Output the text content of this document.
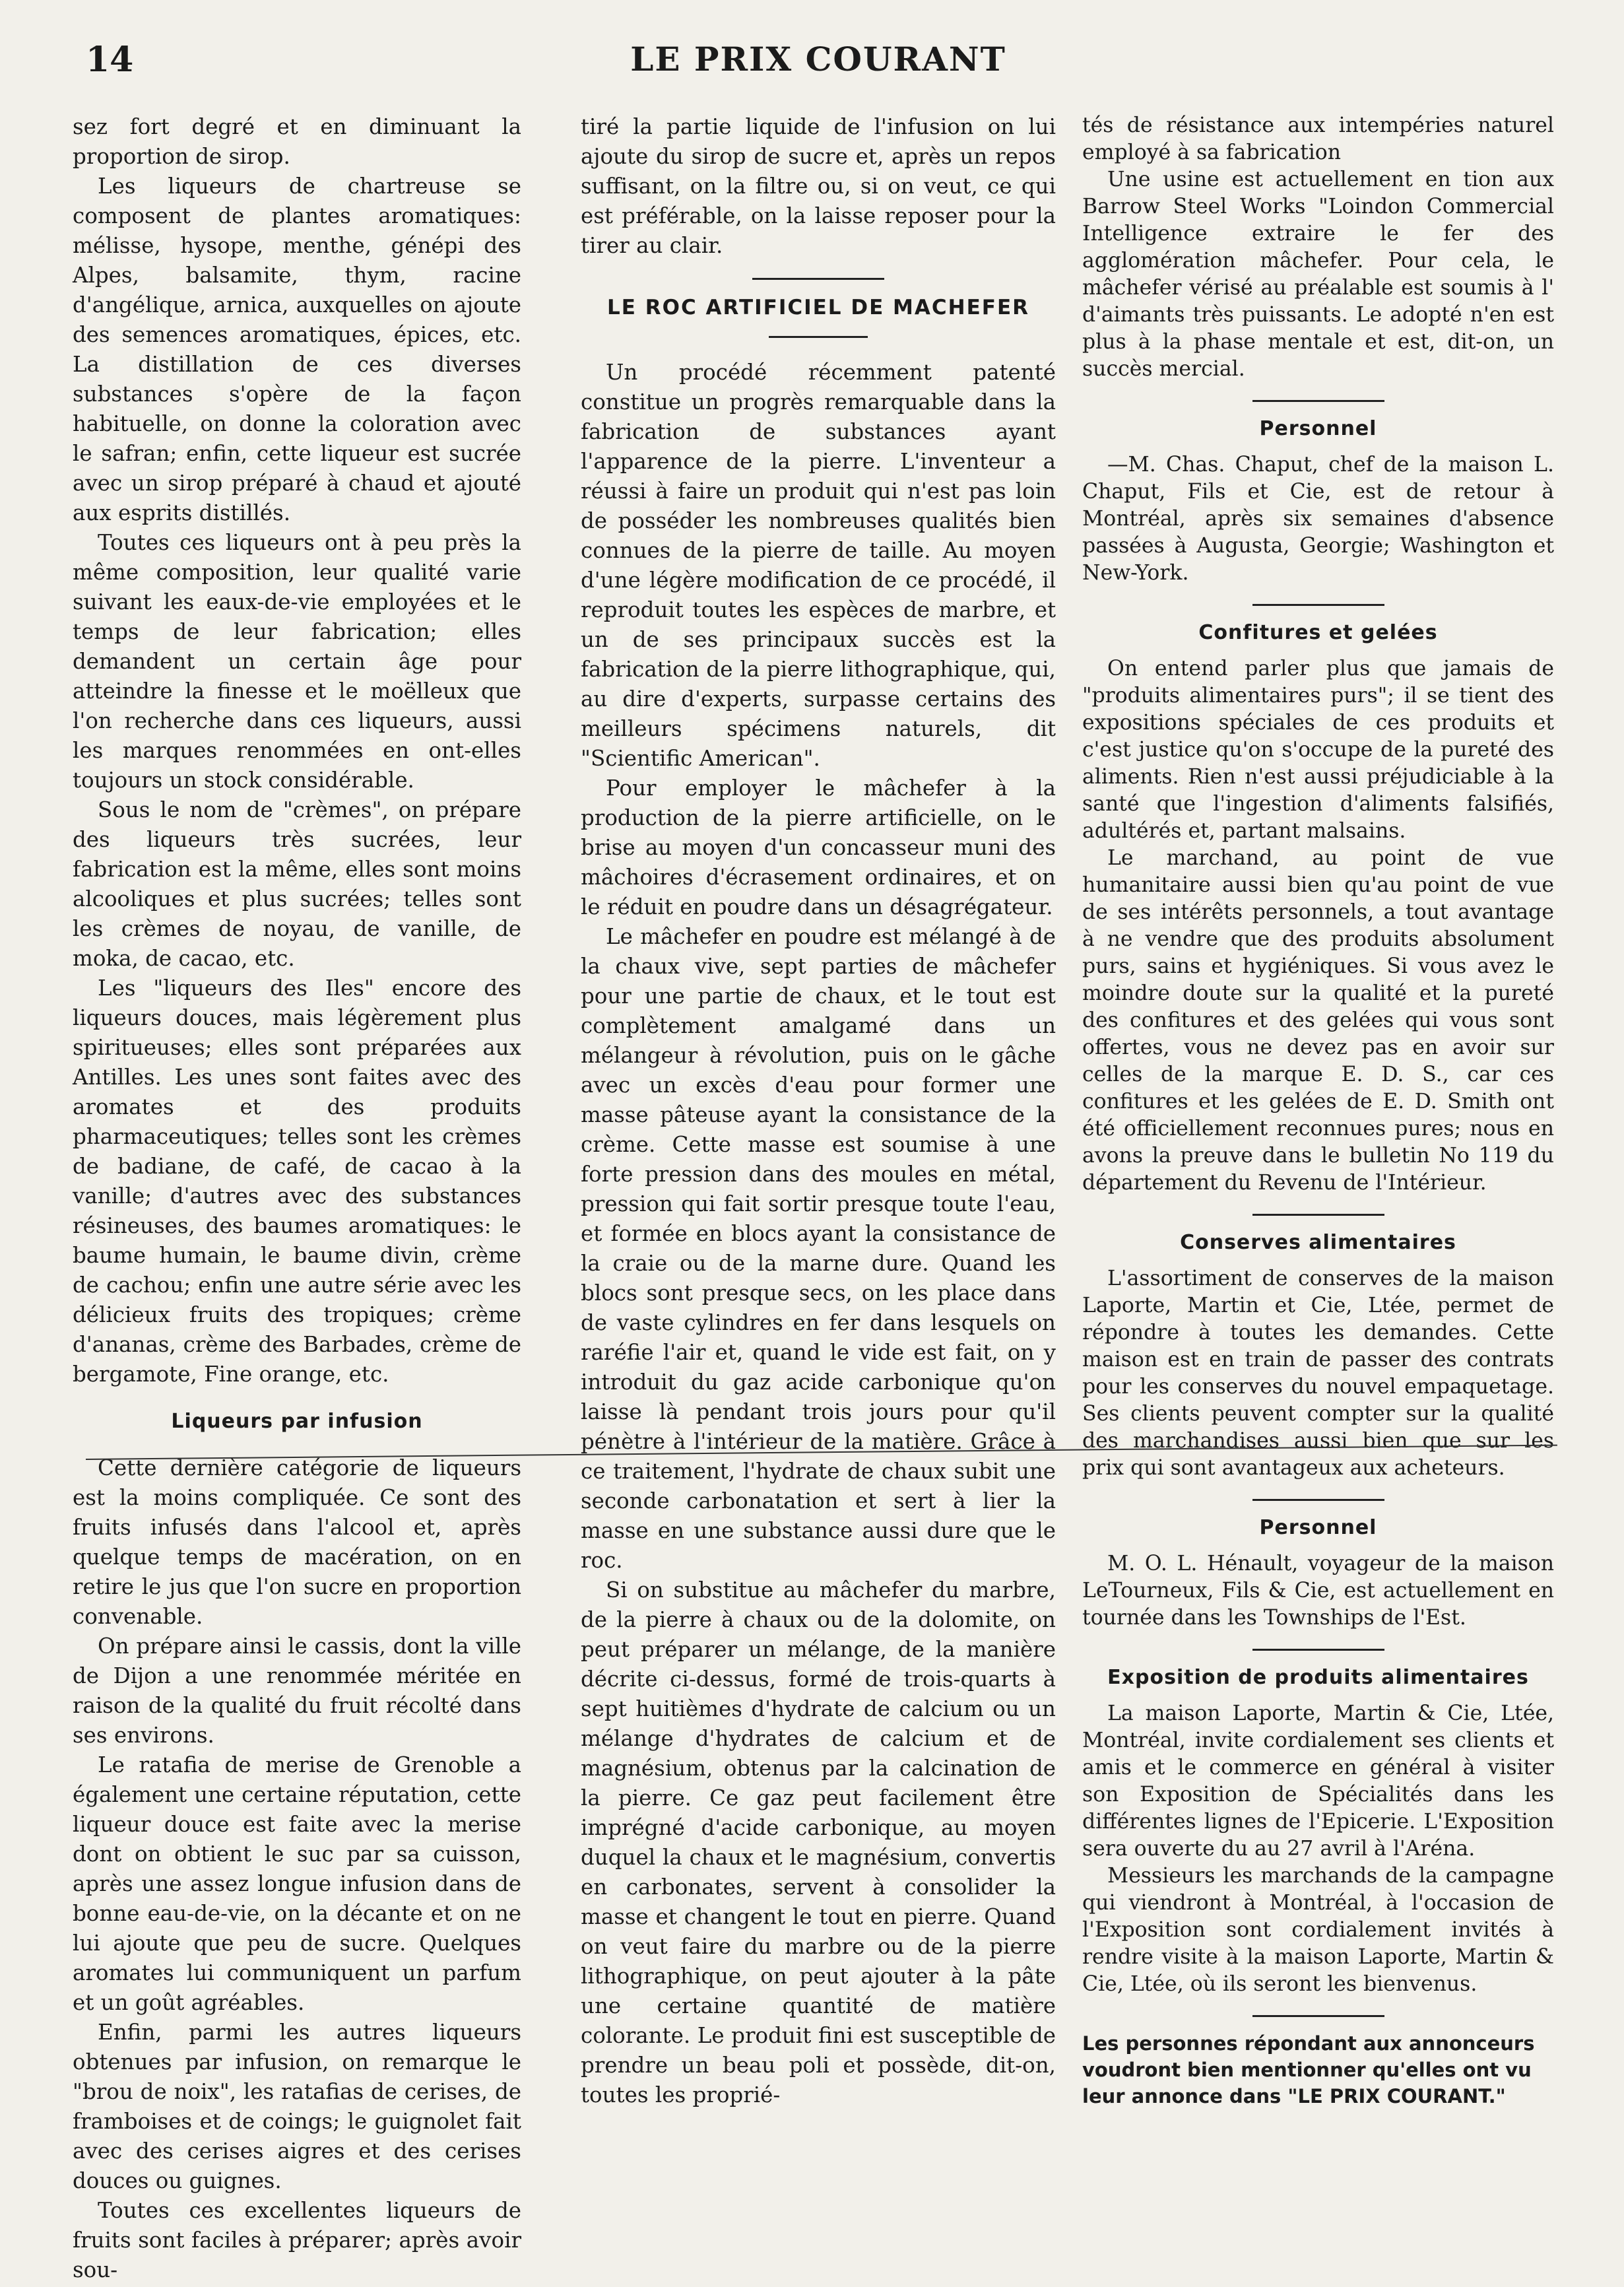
14	LE PRIX COURANT

sez fort degré et en diminuant la proportion de sirop.

Les liqueurs de chartreuse se composent de plantes aromatiques: mélisse, hysope, menthe, génépi des Alpes, balsamite, thym, racine d'angélique, arnica, auxquelles on ajoute des semences aromatiques, épices, etc. La distillation de ces diverses substances s'opère de la façon habituelle, on donne la coloration avec le safran; enfin, cette liqueur est sucrée avec un sirop préparé à chaud et ajouté aux esprits distillés.

Toutes ces liqueurs ont à peu près la même composition, leur qualité varie suivant les eaux-de-vie employées et le temps de leur fabrication; elles demandent un certain âge pour atteindre la finesse et le moëlleux que l'on recherche dans ces liqueurs, aussi les marques renommées en ont-elles toujours un stock considérable.

Sous le nom de "crèmes", on prépare des liqueurs très sucrées, leur fabrication est la même, elles sont moins alcooliques et plus sucrées; telles sont les crèmes de noyau, de vanille, de moka, de cacao, etc.

Les "liqueurs des Iles" encore des liqueurs douces, mais légèrement plus spiritueuses; elles sont préparées aux Antilles. Les unes sont faites avec des aromates et des produits pharmaceutiques; telles sont les crèmes de badiane, de café, de cacao à la vanille; d'autres avec des substances résineuses, des baumes aromatiques: le baume humain, le baume divin, crème de cachou; enfin une autre série avec les délicieux fruits des tropiques; crème d'ananas, crème des Barbades, crème de bergamote, Fine orange, etc.

Liqueurs par infusion

Cette dernière catégorie de liqueurs est la moins compliquée. Ce sont des fruits infusés dans l'alcool et, après quelque temps de macération, on en retire le jus que l'on sucre en proportion convenable.

On prépare ainsi le cassis, dont la ville de Dijon a une renommée méritée en raison de la qualité du fruit récolté dans ses environs.

Le ratafia de merise de Grenoble a également une certaine réputation, cette liqueur douce est faite avec la merise dont on obtient le suc par sa cuisson, après une assez longue infusion dans de bonne eau-de-vie, on la décante et on ne lui ajoute que peu de sucre. Quelques aromates lui communiquent un parfum et un goût agréables.

Enfin, parmi les autres liqueurs obtenues par infusion, on remarque le "brou de noix", les ratafias de cerises, de framboises et de coings; le guignolet fait avec des cerises aigres et des cerises douces ou guignes.

Toutes ces excellentes liqueurs de fruits sont faciles à préparer; après avoir sou-

tiré la partie liquide de l'infusion on lui ajoute du sirop de sucre et, après un repos suffisant, on la filtre ou, si on veut, ce qui est préférable, on la laisse reposer pour la tirer au clair.

LE ROC ARTIFICIEL DE MACHEFER

Un procédé récemment patenté constitue un progrès remarquable dans la fabrication de substances ayant l'apparence de la pierre. L'inventeur a réussi à faire un produit qui n'est pas loin de posséder les nombreuses qualités bien connues de la pierre de taille. Au moyen d'une légère modification de ce procédé, il reproduit toutes les espèces de marbre, et un de ses principaux succès est la fabrication de la pierre lithographique, qui, au dire d'experts, surpasse certains des meilleurs spécimens naturels, dit "Scientific American".

Pour employer le mâchefer à la production de la pierre artificielle, on le brise au moyen d'un concasseur muni des mâchoires d'écrasement ordinaires, et on le réduit en poudre dans un désagrégateur.

Le mâchefer en poudre est mélangé à de la chaux vive, sept parties de mâchefer pour une partie de chaux, et le tout est complètement amalgamé dans un mélangeur à révolution, puis on le gâche avec un excès d'eau pour former une masse pâteuse ayant la consistance de la crème. Cette masse est soumise à une forte pression dans des moules en métal, pression qui fait sortir presque toute l'eau, et formée en blocs ayant la consistance de la craie ou de la marne dure. Quand les blocs sont presque secs, on les place dans de vaste cylindres en fer dans lesquels on raréfie l'air et, quand le vide est fait, on y introduit du gaz acide carbonique qu'on laisse là pendant trois jours pour qu'il pénètre à l'intérieur de la matière. Grâce à ce traitement, l'hydrate de chaux subit une seconde carbonatation et sert à lier la masse en une substance aussi dure que le roc.

Si on substitue au mâchefer du marbre, de la pierre à chaux ou de la dolomite, on peut préparer un mélange, de la manière décrite ci-dessus, formé de trois-quarts à sept huitièmes d'hydrate de calcium ou un mélange d'hydrates de calcium et de magnésium, obtenus par la calcination de la pierre. Ce gaz peut facilement être imprégné d'acide carbonique, au moyen duquel la chaux et le magnésium, convertis en carbonates, servent à consolider la masse et changent le tout en pierre. Quand on veut faire du marbre ou de la pierre lithographique, on peut ajouter à la pâte une certaine quantité de matière colorante. Le produit fini est susceptible de prendre un beau poli et possède, dit-on, toutes les proprié-

tés de résistance aux intempéries naturel employé à sa fabrication

Une usine est actuellement en tion aux Barrow Steel Works "Loindon Commercial Intelligence extraire le fer des agglomération mâchefer. Pour cela, le mâchefer vérisé au préalable est soumis à l' d'aimants très puissants. Le adopté n'en est plus à la phase mentale et est, dit-on, un succès mercial.

Personnel

—M. Chas. Chaput, chef de la maison L. Chaput, Fils et Cie, est de retour à Montréal, après six semaines d'absence passées à Augusta, Georgie; Washington et New-York.

Confitures et gelées

On entend parler plus que jamais de "produits alimentaires purs"; il se tient des expositions spéciales de ces produits et c'est justice qu'on s'occupe de la pureté des aliments. Rien n'est aussi préjudiciable à la santé que l'ingestion d'aliments falsifiés, adultérés et, partant malsains.

Le marchand, au point de vue humanitaire aussi bien qu'au point de vue de ses intérêts personnels, a tout avantage à ne vendre que des produits absolument purs, sains et hygiéniques. Si vous avez le moindre doute sur la qualité et la pureté des confitures et des gelées qui vous sont offertes, vous ne devez pas en avoir sur celles de la marque E. D. S., car ces confitures et les gelées de E. D. Smith ont été officiellement reconnues pures; nous en avons la preuve dans le bulletin No 119 du département du Revenu de l'Intérieur.

Conserves alimentaires

L'assortiment de conserves de la maison Laporte, Martin et Cie, Ltée, permet de répondre à toutes les demandes. Cette maison est en train de passer des contrats pour les conserves du nouvel empaquetage. Ses clients peuvent compter sur la qualité des marchandises aussi bien que sur les prix qui sont avantageux aux acheteurs.

Personnel

M. O. L. Hénault, voyageur de la maison LeTourneux, Fils & Cie, est actuellement en tournée dans les Townships de l'Est.

Exposition de produits alimentaires

La maison Laporte, Martin & Cie, Ltée, Montréal, invite cordialement ses clients et amis et le commerce en général à visiter son Exposition de Spécialités dans les différentes lignes de l'Epicerie. L'Exposition sera ouverte du au 27 avril à l'Aréna.

Messieurs les marchands de la campagne qui viendront à Montréal, à l'occasion de l'Exposition sont cordialement invités à rendre visite à la maison Laporte, Martin & Cie, Ltée, où ils seront les bienvenus.

Les personnes répondant aux annonceurs voudront bien mentionner qu'elles ont vu leur annonce dans "LE PRIX COURANT."
